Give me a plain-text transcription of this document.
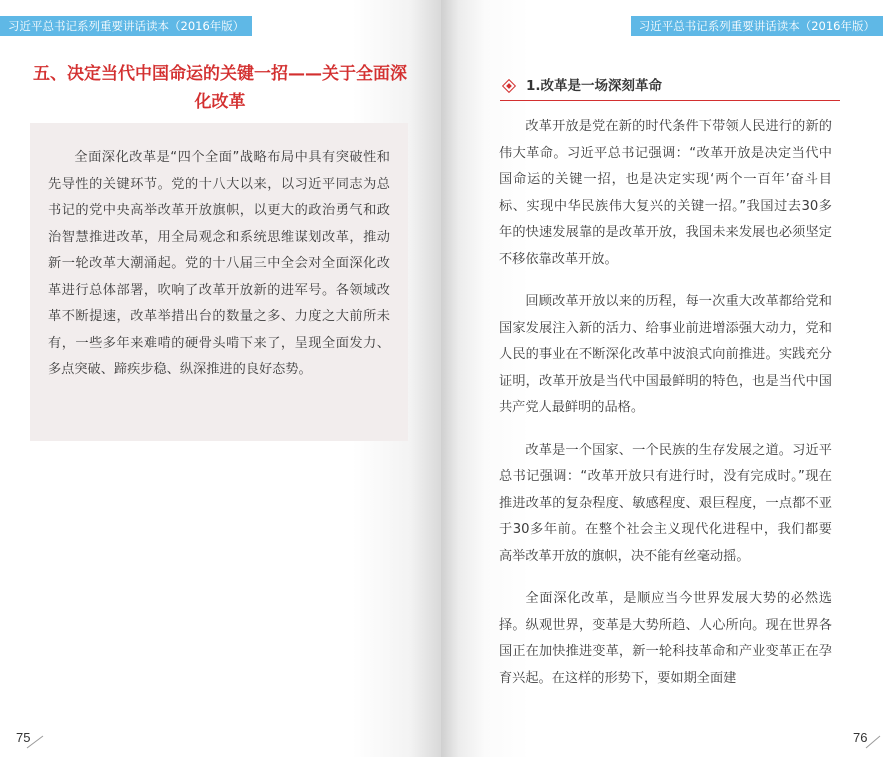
习近平总书记系列重要讲话读本（2016年版）	习近平总书记系列重要讲话读本（2016年版）
五、决定当代中国命运的关键一招——关于全面深化改革

全面深化改革是“四个全面”战略布局中具有突破性和先导性的关键环节。党的十八大以来，以习近平同志为总书记的党中央高举改革开放旗帜，以更大的政治勇气和政治智慧推进改革，用全局观念和系统思维谋划改革，推动新一轮改革大潮涌起。党的十八届三中全会对全面深化改革进行总体部署，吹响了改革开放新的进军号。各领域改革不断提速，改革举措出台的数量之多、力度之大前所未有，一些多年来难啃的硬骨头啃下来了，呈现全面发力、多点突破、蹄疾步稳、纵深推进的良好态势。

1.改革是一场深刻革命

改革开放是党在新的时代条件下带领人民进行的新的伟大革命。习近平总书记强调：“改革开放是决定当代中国命运的关键一招，也是决定实现‘两个一百年’奋斗目标、实现中华民族伟大复兴的关键一招。”我国过去30多年的快速发展靠的是改革开放，我国未来发展也必须坚定不移依靠改革开放。

回顾改革开放以来的历程，每一次重大改革都给党和国家发展注入新的活力、给事业前进增添强大动力，党和人民的事业在不断深化改革中波浪式向前推进。实践充分证明，改革开放是当代中国最鲜明的特色，也是当代中国共产党人最鲜明的品格。

改革是一个国家、一个民族的生存发展之道。习近平总书记强调：“改革开放只有进行时，没有完成时。”现在推进改革的复杂程度、敏感程度、艰巨程度，一点都不亚于30多年前。在整个社会主义现代化进程中，我们都要高举改革开放的旗帜，决不能有丝毫动摇。

全面深化改革，是顺应当今世界发展大势的必然选择。纵观世界，变革是大势所趋、人心所向。现在世界各国正在加快推进变革，新一轮科技革命和产业变革正在孕育兴起。在这样的形势下，要如期全面建

75	76
